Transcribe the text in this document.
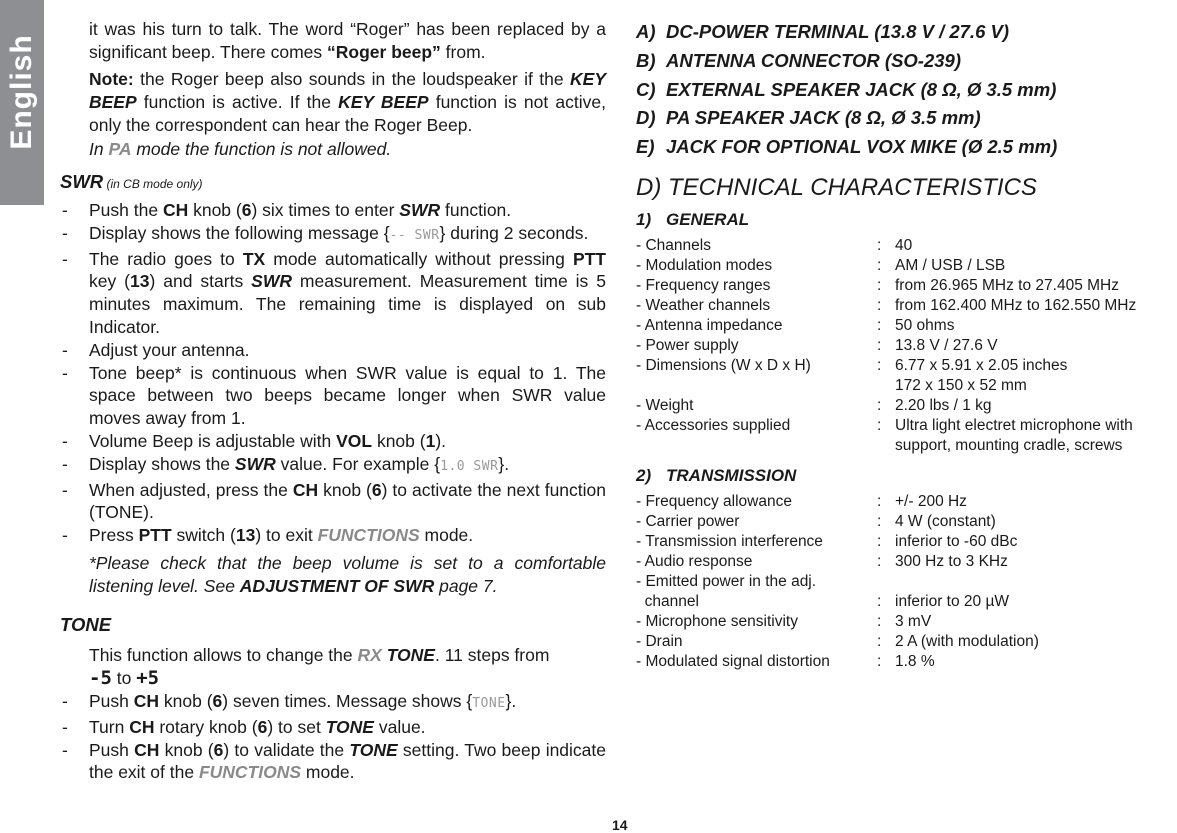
English
it was his turn to talk. The word “Roger” has been replaced by a significant beep. There comes “Roger beep” from.
Note: the Roger beep also sounds in the loudspeaker if the KEY BEEP function is active. If the KEY BEEP function is not active, only the correspondent can hear the Roger Beep.
In PA mode the function is not allowed.
SWR (in CB mode only)
- Push the CH knob (6) six times to enter SWR function.
- Display shows the following message {-- SWR} during 2 seconds.
- The radio goes to TX mode automatically without pressing PTT key (13) and starts SWR measurement. Measurement time is 5 minutes maximum. The remaining time is displayed on sub Indicator.
- Adjust your antenna.
- Tone beep* is continuous when SWR value is equal to 1. The space between two beeps became longer when SWR value moves away from 1.
- Volume Beep is adjustable with VOL knob (1).
- Display shows the SWR value. For example {1.0 SWR}.
- When adjusted, press the CH knob (6) to activate the next function (TONE).
- Press PTT switch (13) to exit FUNCTIONS mode.
*Please check that the beep volume is set to a comfortable listening level. See ADJUSTMENT OF SWR page 7.
TONE
This function allows to change the RX TONE. 11 steps from
-5 to +5
- Push CH knob (6) seven times. Message shows {TONE}.
- Turn CH rotary knob (6) to set TONE value.
- Push CH knob (6) to validate the TONE setting. Two beep indicate the exit of the FUNCTIONS mode.
A) DC-POWER TERMINAL (13.8 V / 27.6 V)
B) ANTENNA CONNECTOR (SO-239)
C) EXTERNAL SPEAKER JACK (8 Ω, Ø 3.5 mm)
D) PA SPEAKER JACK (8 Ω, Ø 3.5 mm)
E) JACK FOR OPTIONAL VOX MIKE (Ø 2.5 mm)
D) TECHNICAL CHARACTERISTICS
1) GENERAL
- Channels	: 40
- Modulation modes	: AM / USB / LSB
- Frequency ranges	: from 26.965 MHz to 27.405 MHz
- Weather channels	: from 162.400 MHz to 162.550 MHz
- Antenna impedance	: 50 ohms
- Power supply	: 13.8 V / 27.6 V
- Dimensions (W x D x H)	: 6.77 x 5.91 x 2.05 inches
172 x 150 x 52 mm
- Weight	: 2.20 lbs / 1 kg
- Accessories supplied	: Ultra light electret microphone with support, mounting cradle, screws
2) TRANSMISSION
- Frequency allowance	: +/- 200 Hz
- Carrier power	: 4 W (constant)
- Transmission interference	: inferior to -60 dBc
- Audio response	: 300 Hz to 3 KHz
- Emitted power in the adj.
channel	: inferior to 20 µW
- Microphone sensitivity	: 3 mV
- Drain	: 2 A (with modulation)
- Modulated signal distortion	: 1.8 %
14
